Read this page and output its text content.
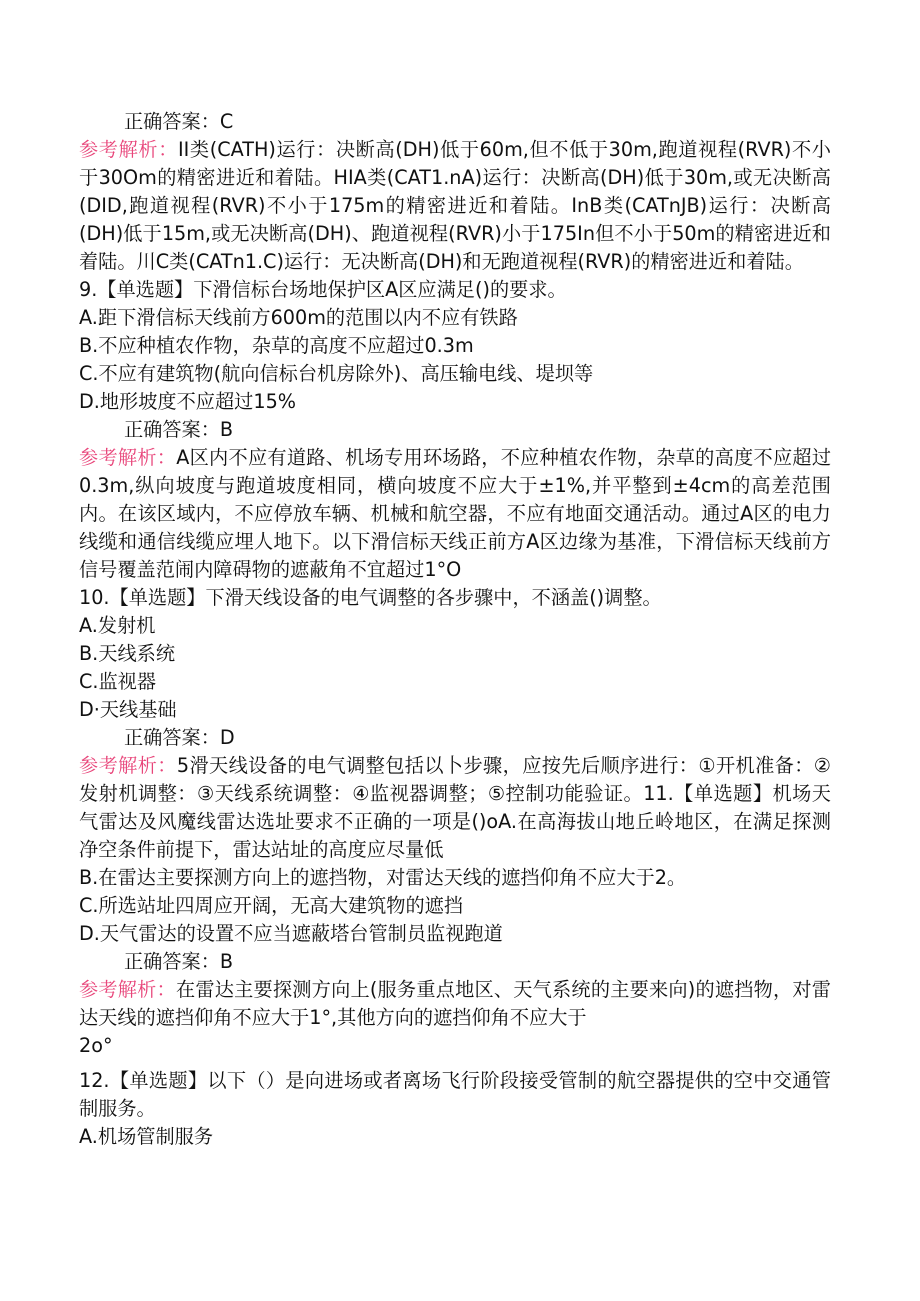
正确答案：C

参考解析：II类(CATH)运行：决断高(DH)低于60m,但不低于30m,跑道视程(RVR)不小于30Om的精密进近和着陆。HIA类(CAT1.nA)运行：决断高(DH)低于30m,或无决断高(DID,跑道视程(RVR)不小于175m的精密进近和着陆。InB类(CATnJB)运行：决断高(DH)低于15m,或无决断高(DH)、跑道视程(RVR)小于175In但不小于50m的精密进近和着陆。川C类(CATn1.C)运行：无决断高(DH)和无跑道视程(RVR)的精密进近和着陆。

9.【单选题】下滑信标台场地保护区A区应满足()的要求。

A.距下滑信标天线前方600m的范围以内不应有铁路

B.不应种植农作物，杂草的高度不应超过0.3m

C.不应有建筑物(航向信标台机房除外)、高压输电线、堤坝等

D.地形坡度不应超过15%

正确答案：B

参考解析：A区内不应有道路、机场专用环场路，不应种植农作物，杂草的高度不应超过0.3m,纵向坡度与跑道坡度相同，横向坡度不应大于±1%,并平整到±4cm的高差范围内。在该区域内，不应停放车辆、机械和航空器，不应有地面交通活动。通过A区的电力线缆和通信线缆应埋人地下。以下滑信标天线正前方A区边缘为基准，下滑信标天线前方信号覆盖范闹内障碍物的遮蔽角不宜超过1°O

10.【单选题】下滑天线设备的电气调整的各步骤中，不涵盖()调整。

A.发射机

B.天线系统

C.监视器

D·天线基础

正确答案：D

参考解析：5滑天线设备的电气调整包括以卜步骤，应按先后顺序进行：①开机准备：②发射机调整：③天线系统调整：④监视器调整；⑤控制功能验证。11.【单选题】机场天气雷达及风魔线雷达选址要求不正确的一项是()oA.在高海拔山地丘岭地区，在满足探测净空条件前提下，雷达站址的高度应尽量低

B.在雷达主要探测方向上的遮挡物，对雷达天线的遮挡仰角不应大于2。

C.所选站址四周应开阔，无高大建筑物的遮挡

D.天气雷达的设置不应当遮蔽塔台管制员监视跑道

正确答案：B

参考解析：在雷达主要探测方向上(服务重点地区、天气系统的主要来向)的遮挡物，对雷达天线的遮挡仰角不应大于1°,其他方向的遮挡仰角不应大于

2o°

12.【单选题】以下（）是向进场或者离场飞行阶段接受管制的航空器提供的空中交通管制服务。

A.机场管制服务
